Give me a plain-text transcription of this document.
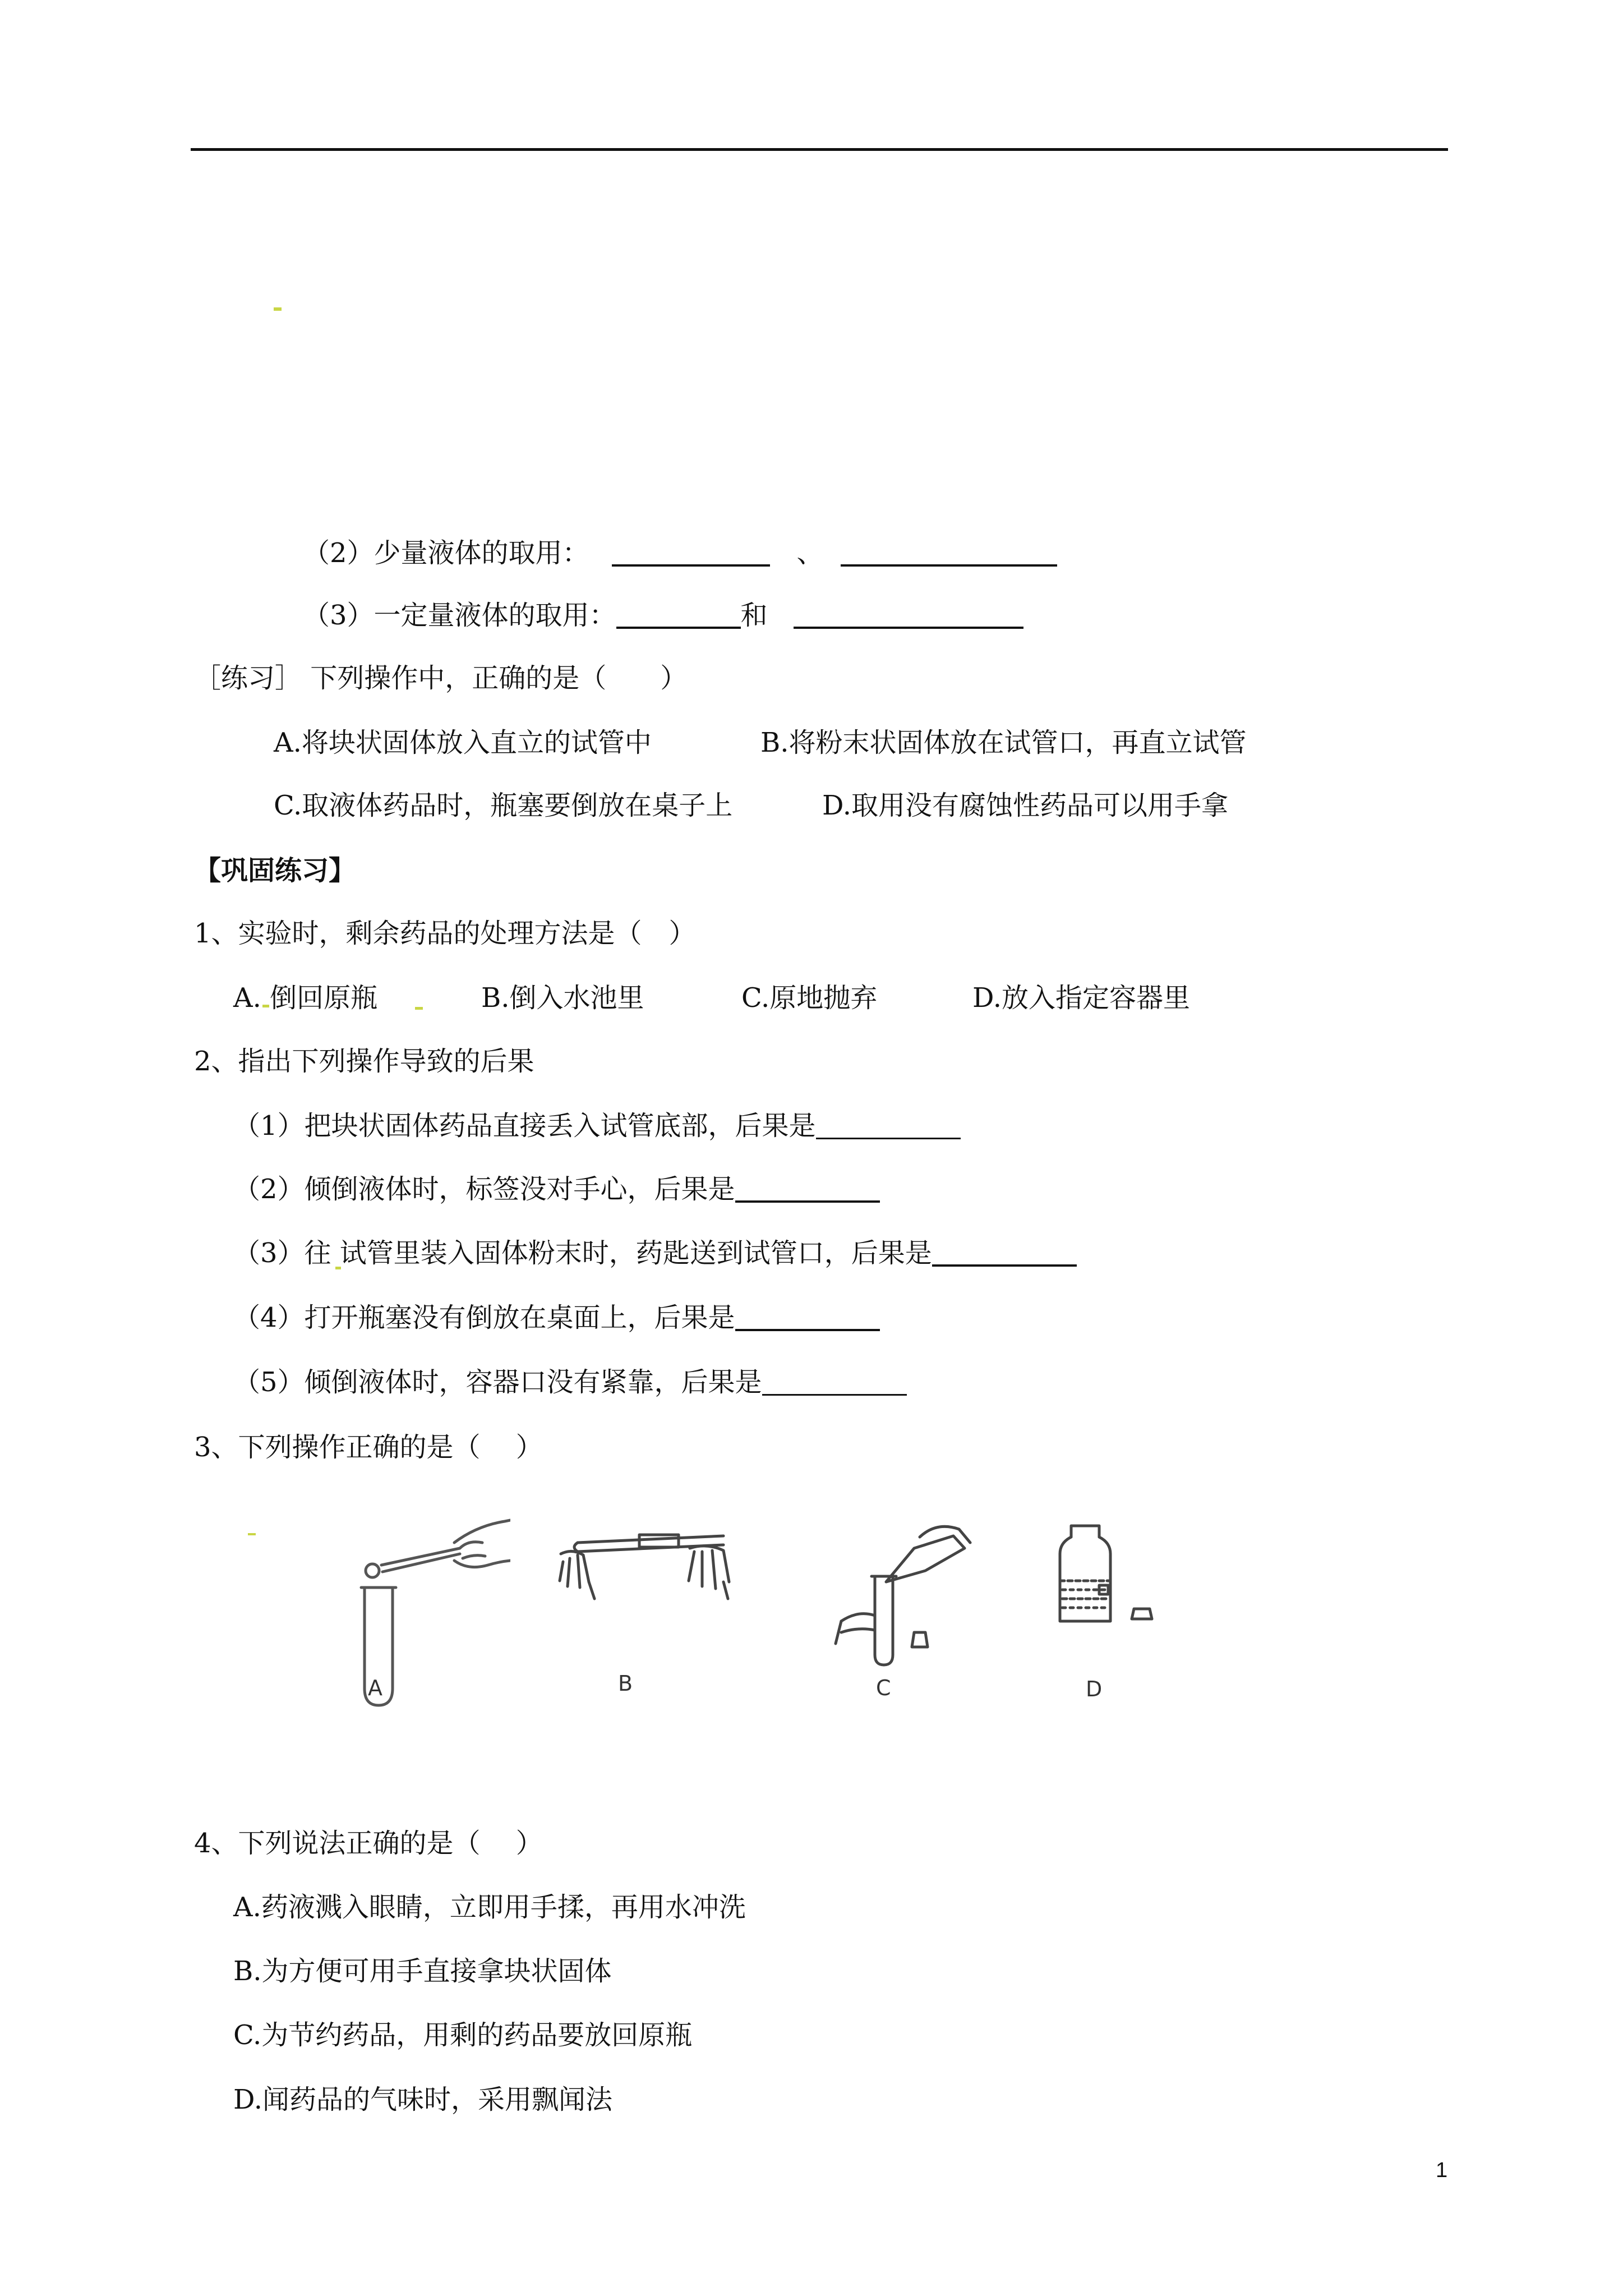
（2）少量液体的取用：	、
（3）一定量液体的取用：	和
［练习］ 下列操作中，正确的是（　　）
A.将块状固体放入直立的试管中	B.将粉末状固体放在试管口，再直立试管
C.取液体药品时，瓶塞要倒放在桌子上	D.取用没有腐蚀性药品可以用手拿
【巩固练习】
1、实验时，剩余药品的处理方法是（　）
A. 倒回原瓶	B.倒入水池里	C.原地抛弃	D.放入指定容器里
2、指出下列操作导致的后果
（1）把块状固体药品直接丢入试管底部，后果是
（2）倾倒液体时，标签没对手心，后果是
（3）往 试管里装入固体粉末时，药匙送到试管口，后果是
（4）打开瓶塞没有倒放在桌面上，后果是
（5）倾倒液体时，容器口没有紧靠，后果是
3、下列操作正确的是（　 ）
A	B	C	D
4、下列说法正确的是（　 ）
A.药液溅入眼睛，立即用手揉，再用水冲洗
B.为方便可用手直接拿块状固体
C.为节约药品，用剩的药品要放回原瓶
D.闻药品的气味时，采用飘闻法
1
